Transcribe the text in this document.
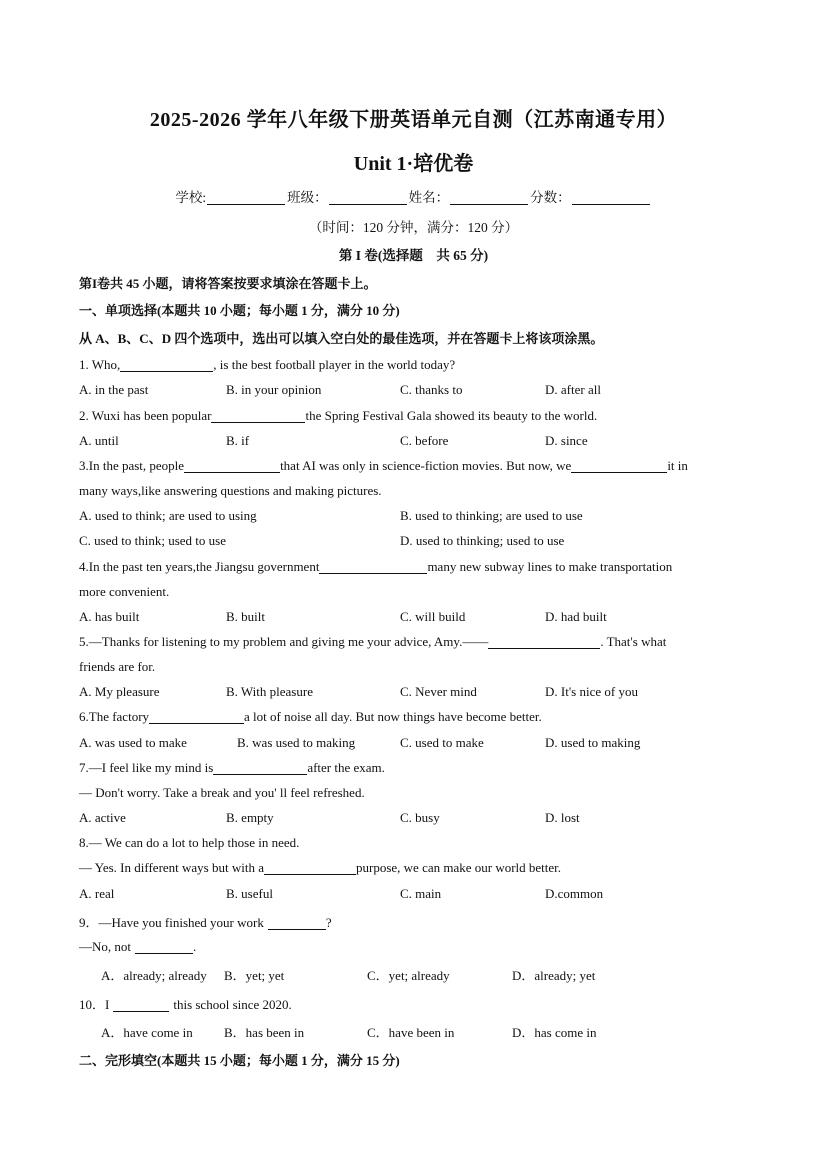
2025-2026 学年八年级下册英语单元自测（江苏南通专用）
Unit 1·培优卷
学校:	班级：	姓名：	分数：
（时间：120 分钟，满分：120 分）
第 I 卷(选择题　共 65 分)
第I卷共 45 小题，请将答案按要求填涂在答题卡上。
一、单项选择(本题共 10 小题；每小题 1 分，满分 10 分)
从 A、B、C、D 四个选项中，选出可以填入空白处的最佳选项，并在答题卡上将该项涂黑。
1. Who,	, is the best football player in the world today?
A. in the past	B. in your opinion	C. thanks to	D. after all
2. Wuxi has been popular	the Spring Festival Gala showed its beauty to the world.
A. until	B. if	C. before	D. since
3.In the past, people	that AI was only in science-fiction movies. But now, we	it in
many ways,like answering questions and making pictures.
A. used to think; are used to using	B. used to thinking; are used to use
C. used to think; used to use	D. used to thinking; used to use
4.In the past ten years,the Jiangsu government	many new subway lines to make transportation
more convenient.
A. has built	B. built	C. will build	D. had built
5.—Thanks for listening to my problem and giving me your advice, Amy.——	. That's what
friends are for.
A. My pleasure	B. With pleasure	C. Never mind	D. It's nice of you
6.The factory	a lot of noise all day. But now things have become better.
A. was used to make	B. was used to making	C. used to make	D. used to making
7.—I feel like my mind is	after the exam.
— Don't worry. Take a break and you' ll feel refreshed.
A. active	B. empty	C. busy	D. lost
8.— We can do a lot to help those in need.
— Yes. In different ways but with a	purpose, we can make our world better.
A. real	B. useful	C. main	D.common
9．—Have you finished your work	?
—No, not	.
A．already; already B．yet; yet	C．yet; already	D．already; yet
10．I	this school since 2020.
A．have come in B．has been in	C．have been in	D．has come in
二、完形填空(本题共 15 小题；每小题 1 分，满分 15 分)
